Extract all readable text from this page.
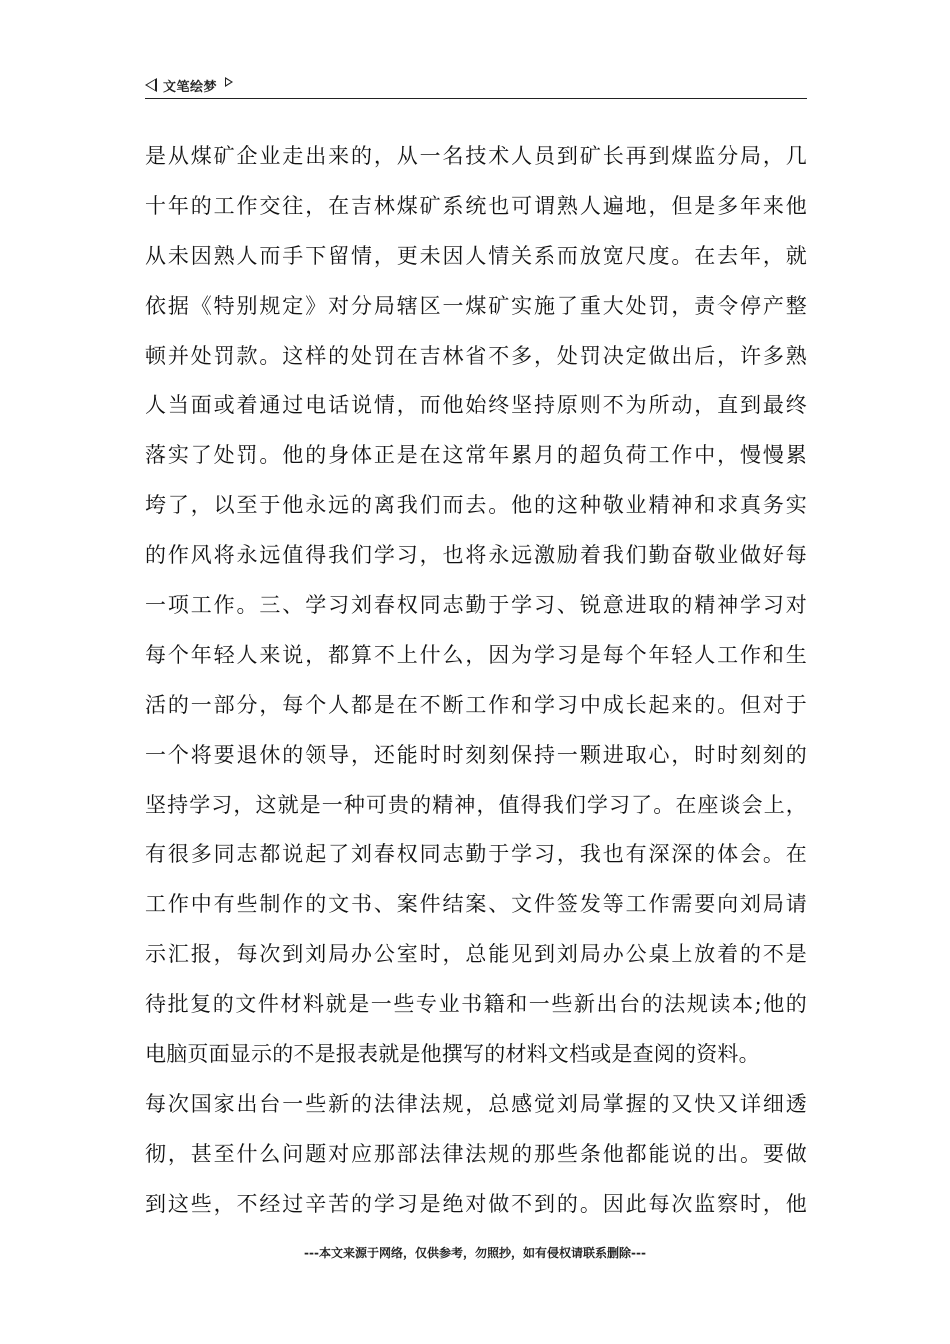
文笔绘梦
是从煤矿企业走出来的，从一名技术人员到矿长再到煤监分局，几
十年的工作交往，在吉林煤矿系统也可谓熟人遍地，但是多年来他
从未因熟人而手下留情，更未因人情关系而放宽尺度。在去年，就
依据《特别规定》对分局辖区一煤矿实施了重大处罚，责令停产整
顿并处罚款。这样的处罚在吉林省不多，处罚决定做出后，许多熟
人当面或着通过电话说情，而他始终坚持原则不为所动，直到最终
落实了处罚。他的身体正是在这常年累月的超负荷工作中，慢慢累
垮了，以至于他永远的离我们而去。他的这种敬业精神和求真务实
的作风将永远值得我们学习，也将永远激励着我们勤奋敬业做好每
一项工作。三、学习刘春权同志勤于学习、锐意进取的精神学习对
每个年轻人来说，都算不上什么，因为学习是每个年轻人工作和生
活的一部分，每个人都是在不断工作和学习中成长起来的。但对于
一个将要退休的领导，还能时时刻刻保持一颗进取心，时时刻刻的
坚持学习，这就是一种可贵的精神，值得我们学习了。在座谈会上，
有很多同志都说起了刘春权同志勤于学习，我也有深深的体会。在
工作中有些制作的文书、案件结案、文件签发等工作需要向刘局请
示汇报，每次到刘局办公室时，总能见到刘局办公桌上放着的不是
待批复的文件材料就是一些专业书籍和一些新出台的法规读本;他的
电脑页面显示的不是报表就是他撰写的材料文档或是查阅的资料。
每次国家出台一些新的法律法规，总感觉刘局掌握的又快又详细透
彻，甚至什么问题对应那部法律法规的那些条他都能说的出。要做
到这些，不经过辛苦的学习是绝对做不到的。因此每次监察时，他
---本文来源于网络，仅供参考，勿照抄，如有侵权请联系删除---
